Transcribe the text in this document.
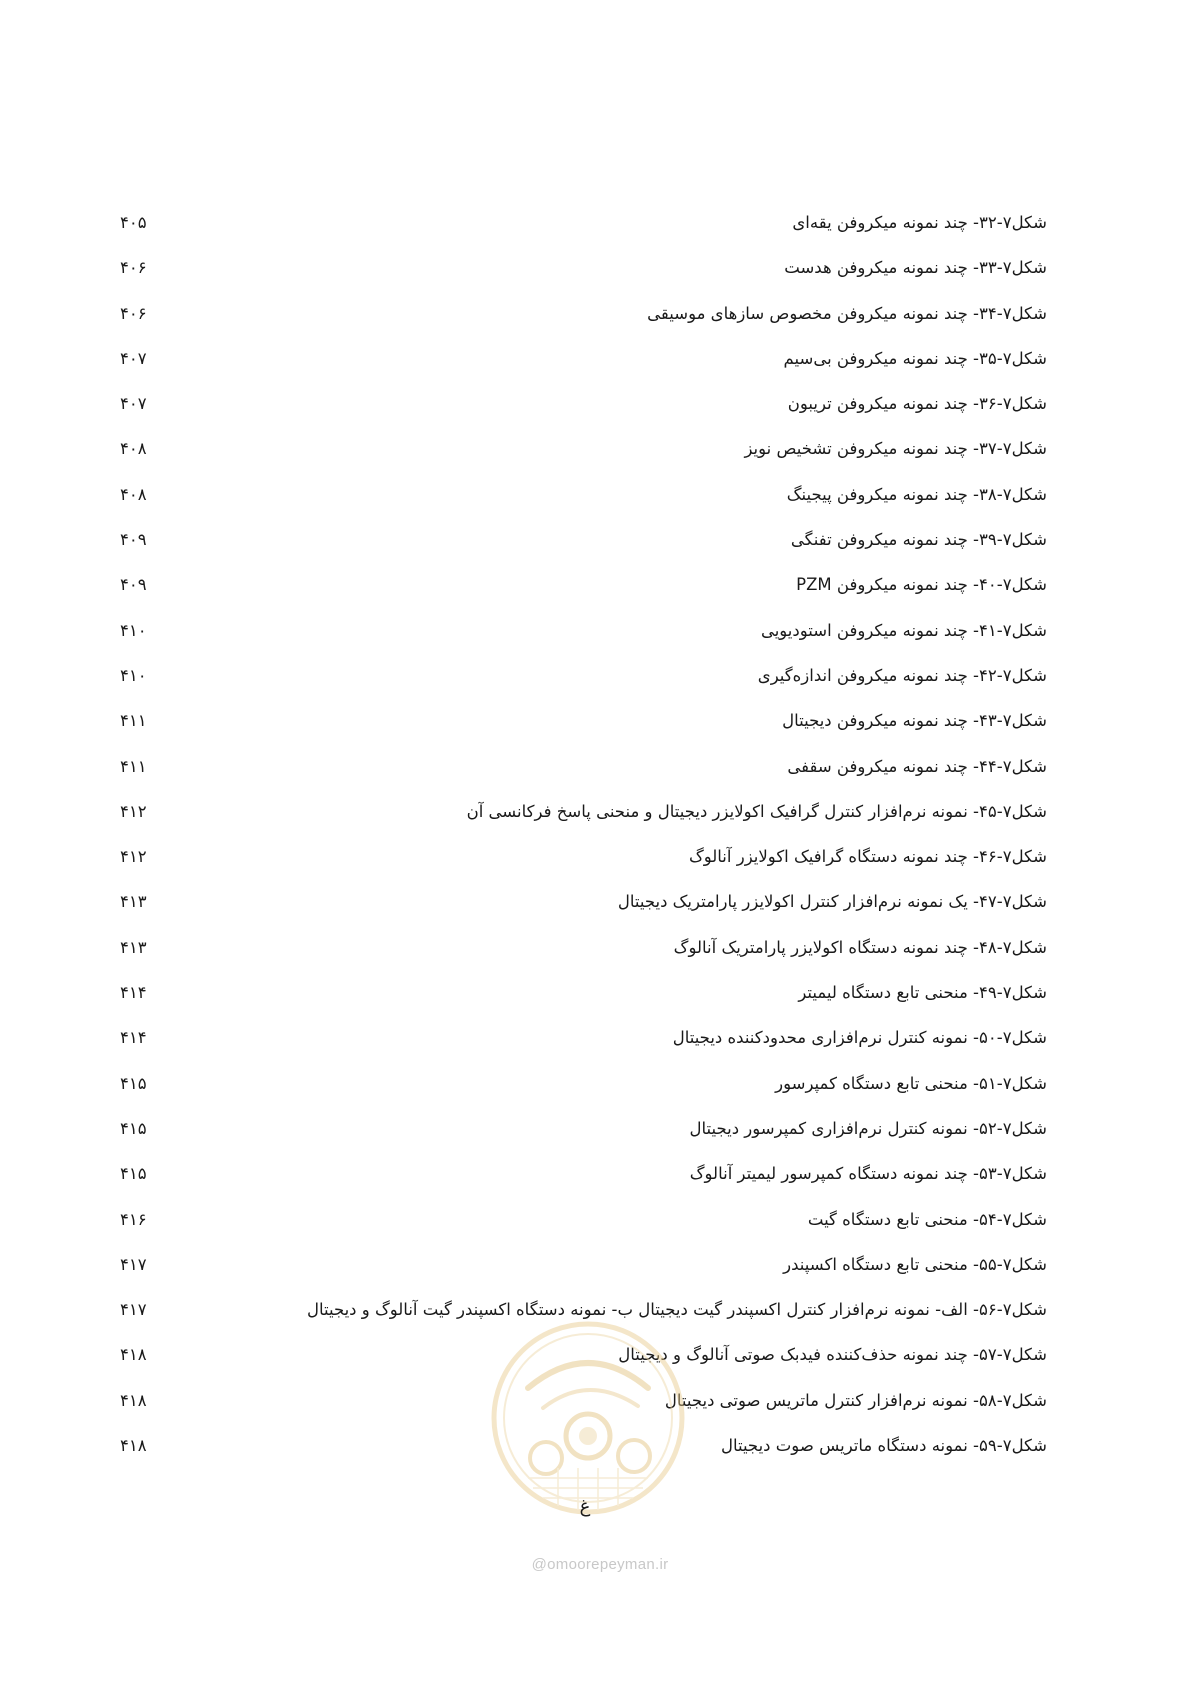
شکل۷-۳۲- چند نمونه میکروفن یقه‌ای
۴۰۵
شکل۷-۳۳- چند نمونه میکروفن هدست
۴۰۶
شکل۷-۳۴- چند نمونه میکروفن مخصوص سازهای موسیقی
۴۰۶
شکل۷-۳۵- چند نمونه میکروفن بی‌سیم
۴۰۷
شکل۷-۳۶- چند نمونه میکروفن تریبون
۴۰۷
شکل۷-۳۷- چند نمونه میکروفن تشخیص نویز
۴۰۸
شکل۷-۳۸- چند نمونه میکروفن پیجینگ
۴۰۸
شکل۷-۳۹- چند نمونه میکروفن تفنگی
۴۰۹
شکل۷-۴۰- چند نمونه میکروفن PZM
۴۰۹
شکل۷-۴۱- چند نمونه میکروفن استودیویی
۴۱۰
شکل۷-۴۲- چند نمونه میکروفن اندازه‌گیری
۴۱۰
شکل۷-۴۳- چند نمونه میکروفن دیجیتال
۴۱۱
شکل۷-۴۴- چند نمونه میکروفن سقفی
۴۱۱
شکل۷-۴۵- نمونه نرم‌افزار کنترل گرافیک اکولایزر دیجیتال و منحنی پاسخ فرکانسی آن
۴۱۲
شکل۷-۴۶- چند نمونه دستگاه گرافیک اکولایزر آنالوگ
۴۱۲
شکل۷-۴۷- یک نمونه نرم‌افزار کنترل اکولایزر پارامتریک دیجیتال
۴۱۳
شکل۷-۴۸- چند نمونه دستگاه اکولایزر پارامتریک آنالوگ
۴۱۳
شکل۷-۴۹- منحنی تابع دستگاه لیمیتر
۴۱۴
شکل۷-۵۰- نمونه کنترل نرم‌افزاری محدودکننده دیجیتال
۴۱۴
شکل۷-۵۱- منحنی تابع دستگاه کمپرسور
۴۱۵
شکل۷-۵۲- نمونه کنترل نرم‌افزاری کمپرسور دیجیتال
۴۱۵
شکل۷-۵۳- چند نمونه دستگاه کمپرسور لیمیتر آنالوگ
۴۱۵
شکل۷-۵۴- منحنی تابع دستگاه گیت
۴۱۶
شکل۷-۵۵- منحنی تابع دستگاه اکسپندر
۴۱۷
شکل۷-۵۶- الف- نمونه نرم‌افزار کنترل اکسپندر گیت دیجیتال ب- نمونه دستگاه اکسپندر گیت آنالوگ و دیجیتال
۴۱۷
شکل۷-۵۷- چند نمونه حذف‌کننده فیدبک صوتی آنالوگ و دیجیتال
۴۱۸
شکل۷-۵۸- نمونه نرم‌افزار کنترل ماتریس صوتی دیجیتال
۴۱۸
شکل۷-۵۹- نمونه دستگاه ماتریس صوت دیجیتال
۴۱۸
غ
@omoorepeyman.ir
